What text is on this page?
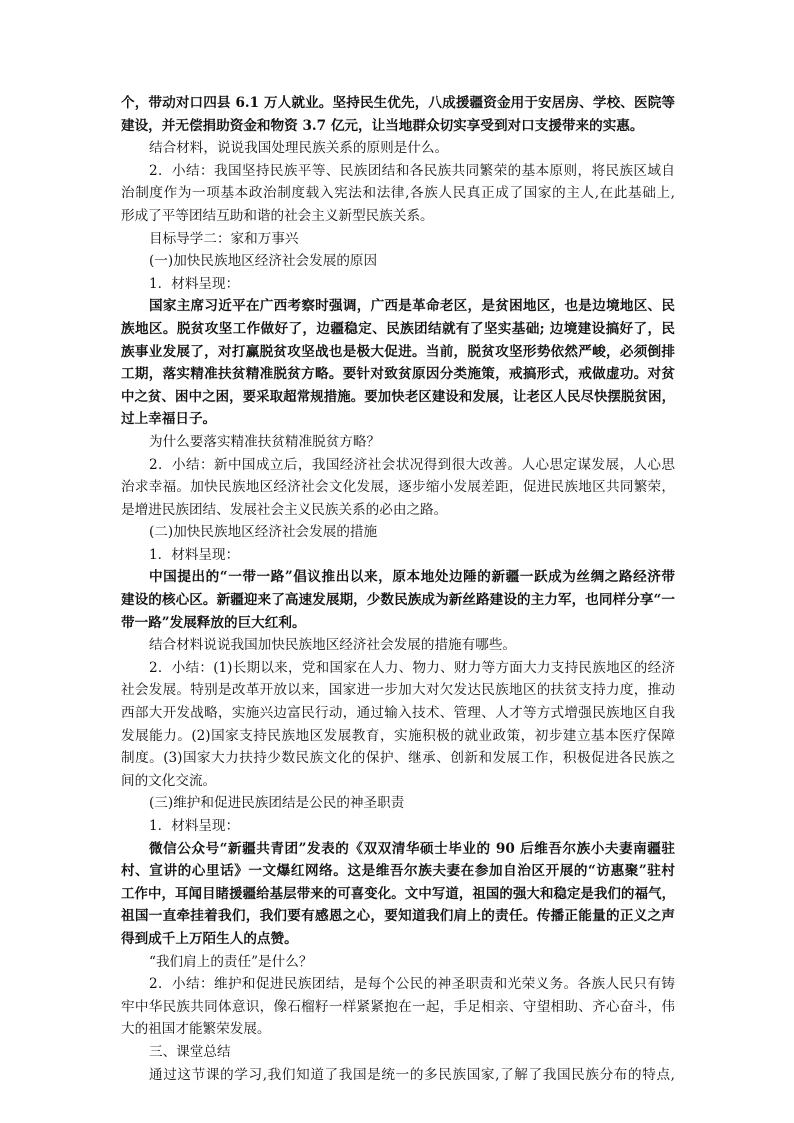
个，带动对口四县 6.1 万人就业。坚持民生优先，八成援疆资金用于安居房、学校、医院等
建设，并无偿捐助资金和物资 3.7 亿元，让当地群众切实享受到对口支援带来的实惠。
结合材料，说说我国处理民族关系的原则是什么。
2．小结：我国坚持民族平等、民族团结和各民族共同繁荣的基本原则，将民族区域自
治制度作为一项基本政治制度载入宪法和法律,各族人民真正成了国家的主人,在此基础上,
形成了平等团结互助和谐的社会主义新型民族关系。
目标导学二：家和万事兴
(一)加快民族地区经济社会发展的原因
1．材料呈现：
国家主席习近平在广西考察时强调，广西是革命老区，是贫困地区，也是边境地区、民
族地区。脱贫攻坚工作做好了，边疆稳定、民族团结就有了坚实基础; 边境建设搞好了，民
族事业发展了，对打赢脱贫攻坚战也是极大促进。当前，脱贫攻坚形势依然严峻，必须倒排
工期，落实精准扶贫精准脱贫方略。要针对致贫原因分类施策，戒搞形式，戒做虚功。对贫
中之贫、困中之困，要采取超常规措施。要加快老区建设和发展，让老区人民尽快摆脱贫困，
过上幸福日子。
为什么要落实精准扶贫精准脱贫方略？
2．小结：新中国成立后，我国经济社会状况得到很大改善。人心思定谋发展，人心思
治求幸福。加快民族地区经济社会文化发展，逐步缩小发展差距，促进民族地区共同繁荣，
是增进民族团结、发展社会主义民族关系的必由之路。
(二)加快民族地区经济社会发展的措施
1．材料呈现：
中国提出的“一带一路”倡议推出以来，原本地处边陲的新疆一跃成为丝绸之路经济带
建设的核心区。新疆迎来了高速发展期，少数民族成为新丝路建设的主力军，也同样分享“一
带一路”发展释放的巨大红利。
结合材料说说我国加快民族地区经济社会发展的措施有哪些。
2．小结：(1)长期以来，党和国家在人力、物力、财力等方面大力支持民族地区的经济
社会发展。特别是改革开放以来，国家进一步加大对欠发达民族地区的扶贫支持力度，推动
西部大开发战略，实施兴边富民行动，通过输入技术、管理、人才等方式增强民族地区自我
发展能力。(2)国家支持民族地区发展教育，实施积极的就业政策，初步建立基本医疗保障
制度。(3)国家大力扶持少数民族文化的保护、继承、创新和发展工作，积极促进各民族之
间的文化交流。
(三)维护和促进民族团结是公民的神圣职责
1．材料呈现：
微信公众号“新疆共青团”发表的《双双清华硕士毕业的 90 后维吾尔族小夫妻南疆驻
村、宣讲的心里话》一文爆红网络。这是维吾尔族夫妻在参加自治区开展的“访惠聚”驻村
工作中，耳闻目睹援疆给基层带来的可喜变化。文中写道，祖国的强大和稳定是我们的福气，
祖国一直牵挂着我们，我们要有感恩之心，要知道我们肩上的责任。传播正能量的正义之声
得到成千上万陌生人的点赞。
“我们肩上的责任”是什么？
2．小结：维护和促进民族团结，是每个公民的神圣职责和光荣义务。各族人民只有铸
牢中华民族共同体意识，像石榴籽一样紧紧抱在一起，手足相亲、守望相助、齐心奋斗，伟
大的祖国才能繁荣发展。
三、课堂总结
通过这节课的学习,我们知道了我国是统一的多民族国家,了解了我国民族分布的特点,
